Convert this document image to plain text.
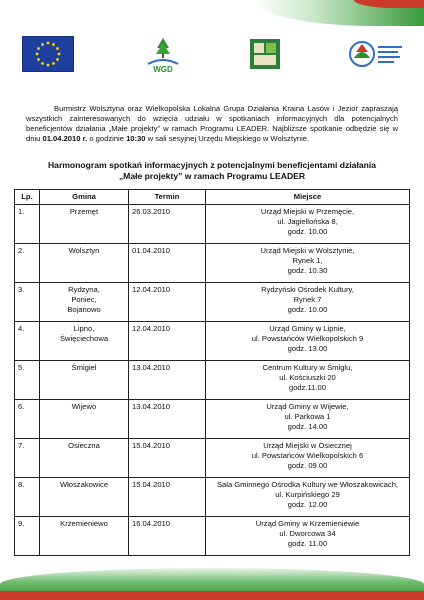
WGD

Burmistrz Wolsztyna oraz Wielkopolska Lokalna Grupa Działania Kraina Lasów i Jezior zapraszają wszystkich zainteresowanych do wzięcia udziału w spotkaniach informacyjnych dla potencjalnych beneficjentów działania „Małe projekty” w ramach Programu LEADER. Najbliższe spotkanie odbędzie się w dniu 01.04.2010 r. o godzinie 10:30 w sali sesyjnej Urzędu Miejskiego w Wolsztynie.

Harmonogram spotkań informacyjnych z potencjalnymi beneficjentami działania
„Małe projekty” w ramach Programu LEADER
Lp.	Gmina	Termin	Miejsce
1.	Przemęt	26.03.2010	Urząd Miejski w Przemęcie,
ul. Jagiellońska 8,
godz. 10.00

2.	Wolsztyn	01.04.2010	Urząd Miejski w Wolsztynie,
Rynek 1,
godz. 10.30

3.	Rydzyna,
Poniec,
Bojanowo	12.04.2010	Rydzyński Ośrodek Kultury,
Rynek 7
godz. 10.00

4.	Lipno,
Święciechowa	12.04.2010	Urząd Gminy w Lipnie,
ul. Powstańców Wielkopolskich 9
godz. 13.00

5.	Śmigiel	13.04.2010	Centrum Kultury w Śmiglu,
ul. Kościuszki 20
godz.11.00

6.	Wijewo	13.04.2010	Urząd Gminy w Wijewie,
ul. Parkowa 1
godz. 14.00

7.	Osieczna	15.04.2010	Urząd Miejski w Osiecznej
ul. Powstańców Wielkopolskich 6
godz. 09.00

8.	Włoszakowice	15.04.2010	Sala Gminnego Ośrodka Kultury we Włoszakowicach,
ul. Kurpińskiego 29
godz. 12.00

9.	Krzemieniewo	16.04.2010	Urząd Gminy w Krzemieniewie
ul. Dworcowa 34
godz. 11.00
